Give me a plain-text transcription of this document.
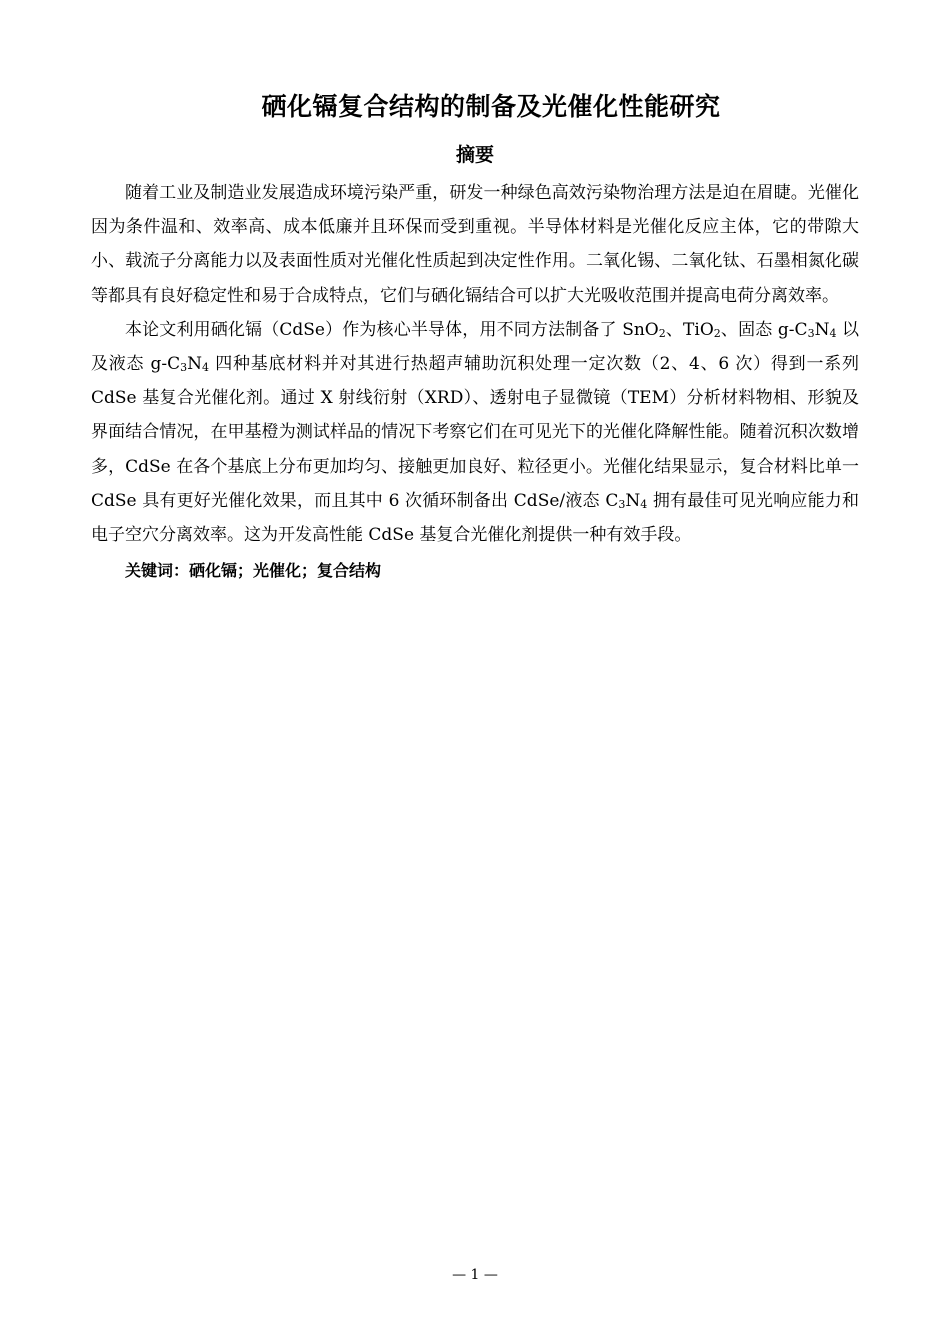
硒化镉复合结构的制备及光催化性能研究
摘要

随着工业及制造业发展造成环境污染严重，研发一种绿色高效污染物治理方法是迫在眉睫。光催化因为条件温和、效率高、成本低廉并且环保而受到重视。半导体材料是光催化反应主体，它的带隙大小、载流子分离能力以及表面性质对光催化性质起到决定性作用。二氧化锡、二氧化钛、石墨相氮化碳等都具有良好稳定性和易于合成特点，它们与硒化镉结合可以扩大光吸收范围并提高电荷分离效率。

本论文利用硒化镉（CdSe）作为核心半导体，用不同方法制备了 SnO$_2$、TiO$_2$、固态 $g-C_3N_4$ 以及液态 $g-C_3N_4$ 四种基底材料并对其进行热超声辅助沉积处理一定次数（2、4、6 次）得到一系列 CdSe 基复合光催化剂。通过 X 射线衍射（XRD）、透射电子显微镜（TEM）分析材料物相、形貌及界面结合情况，在甲基橙为测试样品的情况下考察它们在可见光下的光催化降解性能。随着沉积次数增多，CdSe 在各个基底上分布更加均匀、接触更加良好、粒径更小。光催化结果显示，复合材料比单一 CdSe 具有更好光催化效果，而且其中 6 次循环制备出 CdSe/液态 $C_3N_4$ 拥有最佳可见光响应能力和电子空穴分离效率。这为开发高性能 CdSe 基复合光催化剂提供一种有效手段。

关键词：硒化镉；光催化；复合结构

— 1 —
